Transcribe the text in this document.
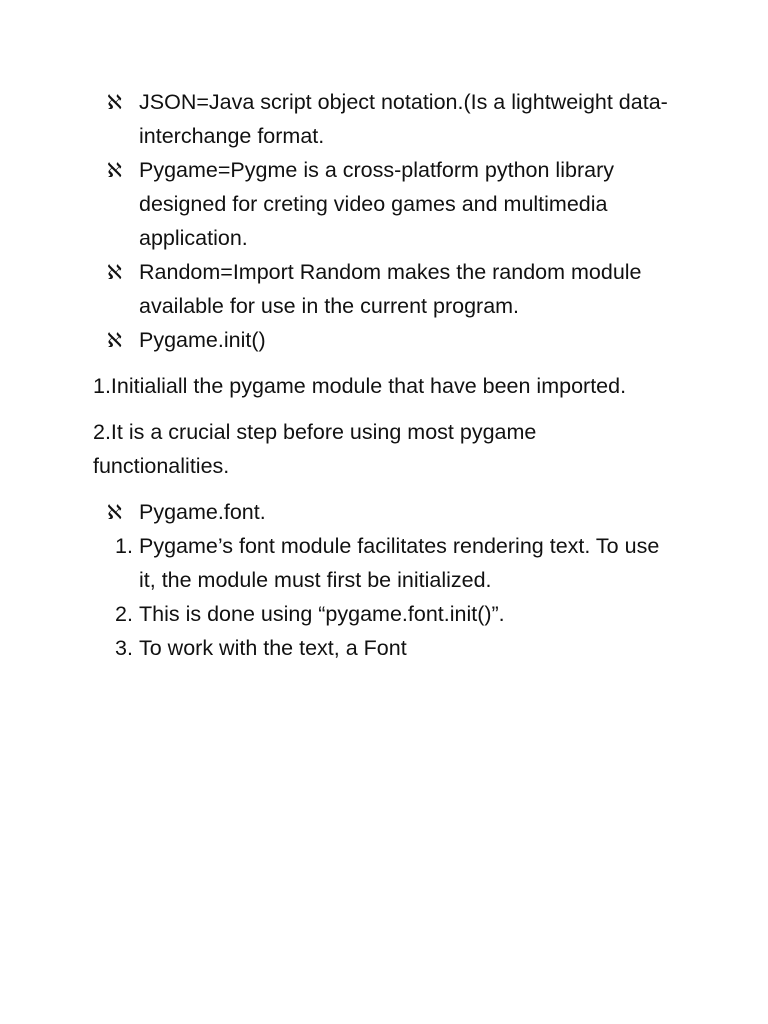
ℵ JSON=Java script object notation.(Is a lightweight data-interchange format.
ℵ Pygame=Pygme is a cross-platform python library designed for creting video games and multimedia application.
ℵ Random=Import Random makes the random module available for use in the current program.
ℵ Pygame.init()

1.Initialiall the pygame module that have been imported.

2.It is a crucial step before using most pygame functionalities.

ℵ Pygame.font.
1. Pygame’s font module facilitates rendering text. To use it, the module must first be initialized.
2. This is done using “pygame.font.init()”.
3. To work with the text, a Font
